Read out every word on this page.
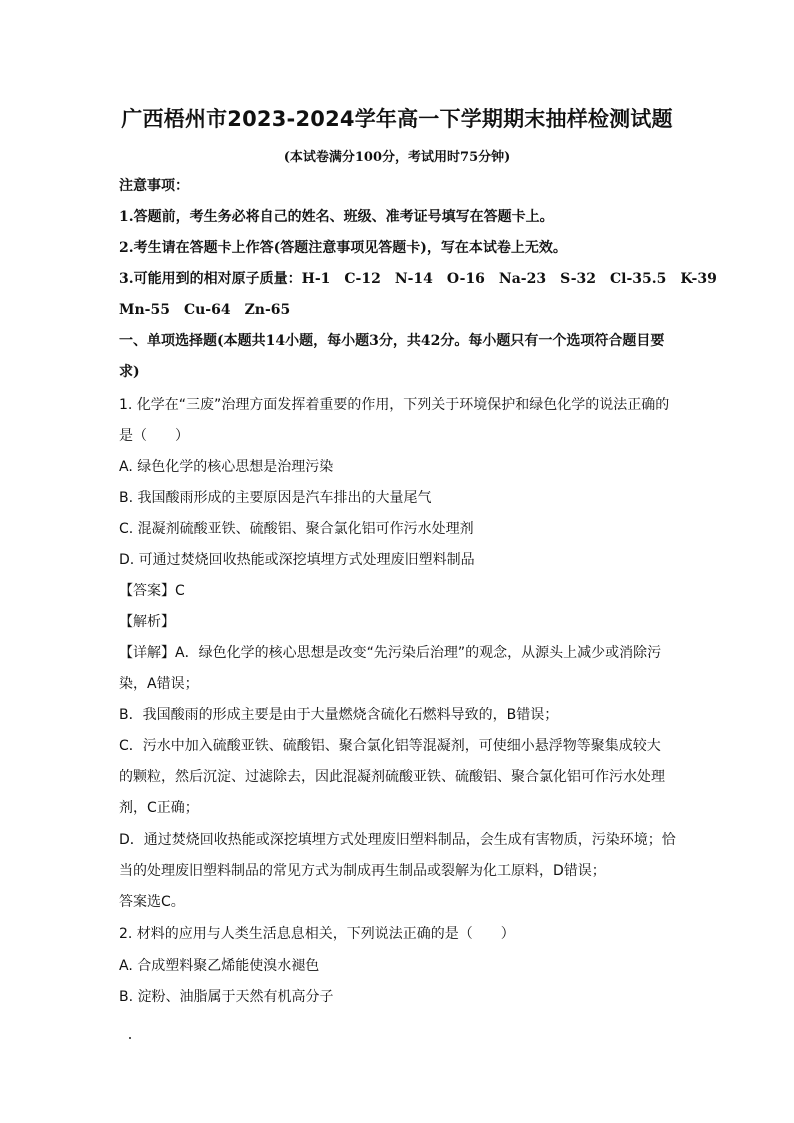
广西梧州市2023-2024学年高一下学期期末抽样检测试题
(本试卷满分100分，考试用时75分钟)
注意事项：
1.答题前，考生务必将自己的姓名、班级、准考证号填写在答题卡上。
2.考生请在答题卡上作答(答题注意事项见答题卡)，写在本试卷上无效。
3.可能用到的相对原子质量：H-1　C-12　N-14　O-16　Na-23　S-32　Cl-35.5　K-39
Mn-55　Cu-64　Zn-65
一、单项选择题(本题共14小题，每小题3分，共42分。每小题只有一个选项符合题目要
求)
1. 化学在“三废”治理方面发挥着重要的作用，下列关于环境保护和绿色化学的说法正确的
是（　　）
A. 绿色化学的核心思想是治理污染
B. 我国酸雨形成的主要原因是汽车排出的大量尾气
C. 混凝剂硫酸亚铁、硫酸铝、聚合氯化铝可作污水处理剂
D. 可通过焚烧回收热能或深挖填埋方式处理废旧塑料制品
【答案】C
【解析】
【详解】A．绿色化学的核心思想是改变“先污染后治理”的观念，从源头上减少或消除污
染，A错误；
B．我国酸雨的形成主要是由于大量燃烧含硫化石燃料导致的，B错误；
C．污水中加入硫酸亚铁、硫酸铝、聚合氯化铝等混凝剂，可使细小悬浮物等聚集成较大
的颗粒，然后沉淀、过滤除去，因此混凝剂硫酸亚铁、硫酸铝、聚合氯化铝可作污水处理
剂，C正确；
D．通过焚烧回收热能或深挖填埋方式处理废旧塑料制品，会生成有害物质，污染环境；恰
当的处理废旧塑料制品的常见方式为制成再生制品或裂解为化工原料，D错误；
答案选C。
2. 材料的应用与人类生活息息相关，下列说法正确的是（　　）
A. 合成塑料聚乙烯能使溴水褪色
B. 淀粉、油脂属于天然有机高分子
